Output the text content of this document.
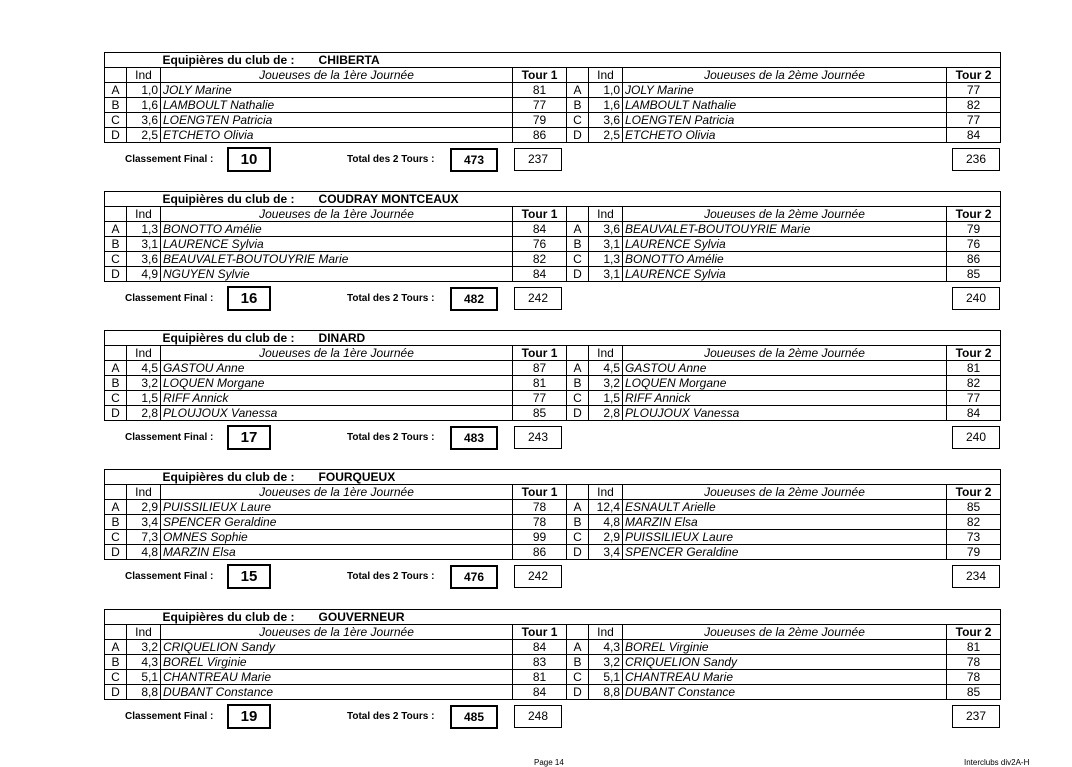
		Equipières du club de : CHIBERTA					
	Ind	Joueuses de la 1ère Journée	Tour 1		Ind	Joueuses de la 2ème Journée	Tour 2
A	1,0	JOLY Marine	81	A	1,0	JOLY Marine	77
B	1,6	LAMBOULT Nathalie	77	B	1,6	LAMBOULT Nathalie	82
C	3,6	LOENGTEN Patricia	79	C	3,6	LOENGTEN Patricia	77
D	2,5	ETCHETO Olivia	86	D	2,5	ETCHETO Olivia	84
Classement Final :	10	Total des 2 Tours :	473	237	236
		Equipières du club de : COUDRAY MONTCEAUX					
	Ind	Joueuses de la 1ère Journée	Tour 1		Ind	Joueuses de la 2ème Journée	Tour 2
A	1,3	BONOTTO Amélie	84	A	3,6	BEAUVALET-BOUTOUYRIE Marie	79
B	3,1	LAURENCE Sylvia	76	B	3,1	LAURENCE Sylvia	76
C	3,6	BEAUVALET-BOUTOUYRIE Marie	82	C	1,3	BONOTTO Amélie	86
D	4,9	NGUYEN Sylvie	84	D	3,1	LAURENCE Sylvia	85
Classement Final :	16	Total des 2 Tours :	482	242	240
		Equipières du club de : DINARD					
	Ind	Joueuses de la 1ère Journée	Tour 1		Ind	Joueuses de la 2ème Journée	Tour 2
A	4,5	GASTOU Anne	87	A	4,5	GASTOU Anne	81
B	3,2	LOQUEN Morgane	81	B	3,2	LOQUEN Morgane	82
C	1,5	RIFF Annick	77	C	1,5	RIFF Annick	77
D	2,8	PLOUJOUX Vanessa	85	D	2,8	PLOUJOUX Vanessa	84
Classement Final :	17	Total des 2 Tours :	483	243	240
		Equipières du club de : FOURQUEUX					
	Ind	Joueuses de la 1ère Journée	Tour 1		Ind	Joueuses de la 2ème Journée	Tour 2
A	2,9	PUISSILIEUX Laure	78	A	12,4	ESNAULT Arielle	85
B	3,4	SPENCER Geraldine	78	B	4,8	MARZIN Elsa	82
C	7,3	OMNES Sophie	99	C	2,9	PUISSILIEUX Laure	73
D	4,8	MARZIN Elsa	86	D	3,4	SPENCER Geraldine	79
Classement Final :	15	Total des 2 Tours :	476	242	234
		Equipières du club de : GOUVERNEUR					
	Ind	Joueuses de la 1ère Journée	Tour 1		Ind	Joueuses de la 2ème Journée	Tour 2
A	3,2	CRIQUELION Sandy	84	A	4,3	BOREL Virginie	81
B	4,3	BOREL Virginie	83	B	3,2	CRIQUELION Sandy	78
C	5,1	CHANTREAU Marie	81	C	5,1	CHANTREAU Marie	78
D	8,8	DUBANT Constance	84	D	8,8	DUBANT Constance	85
Classement Final :	19	Total des 2 Tours :	485	248	237
Page 14	Interclubs div2A-H
